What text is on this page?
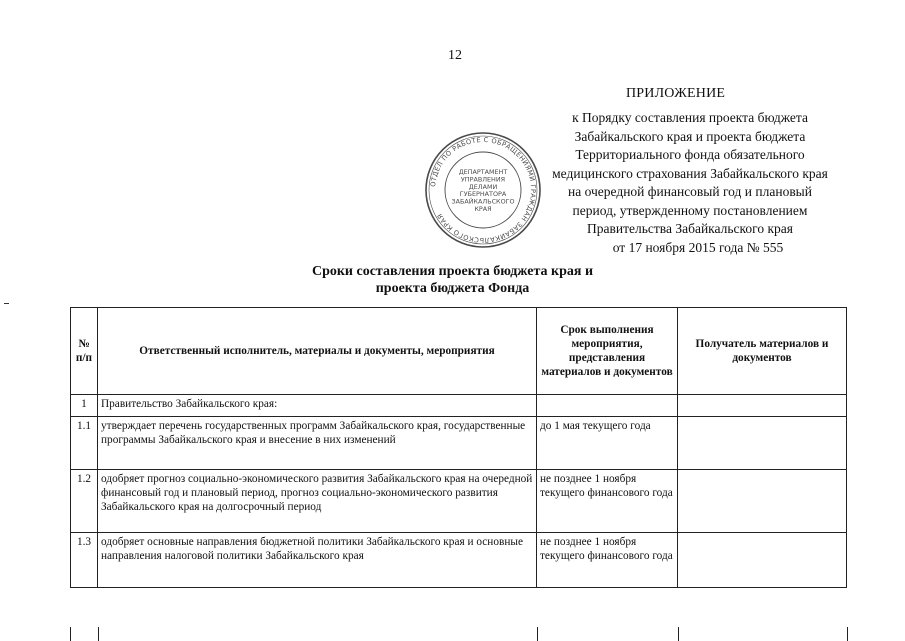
12
ПРИЛОЖЕНИЕ
к Порядку составления проекта бюджета
Забайкальского края и проекта бюджета
Территориального фонда обязательного
медицинского страхования Забайкальского края
на очередной финансовый год и плановый
период, утвержденному постановлением
Правительства Забайкальского края
от 17 ноября 2015 года № 555
ОТДЕЛ ПО РАБОТЕ С ОБРАЩЕНИЯМИ ГРАЖДАН ЗАБАЙКАЛЬСКОГО КРАЯ
ДЕПАРТАМЕНТ УПРАВЛЕНИЯ ДЕЛАМИ ГУБЕРНАТОРА ЗАБАЙКАЛЬСКОГО КРАЯ
Сроки составления проекта бюджета края и
проекта бюджета Фонда
№ п/п	Ответственный исполнитель, материалы и документы, мероприятия	Срок выполнения мероприятия, представления материалов и документов	Получатель материалов и документов
1	Правительство Забайкальского края:		
1.1	утверждает перечень государственных программ Забайкальского края, государственные программы Забайкальского края и внесение в них изменений	до 1 мая текущего года	
1.2	одобряет прогноз социально-экономического развития Забайкальского края на очередной финансовый год и плановый период, прогноз социально-экономического развития Забайкальского края на долгосрочный период	не позднее 1 ноября текущего финансового года	
1.3	одобряет основные направления бюджетной политики Забайкальского края и основные направления налоговой политики Забайкальского края	не позднее 1 ноября текущего финансового года	
